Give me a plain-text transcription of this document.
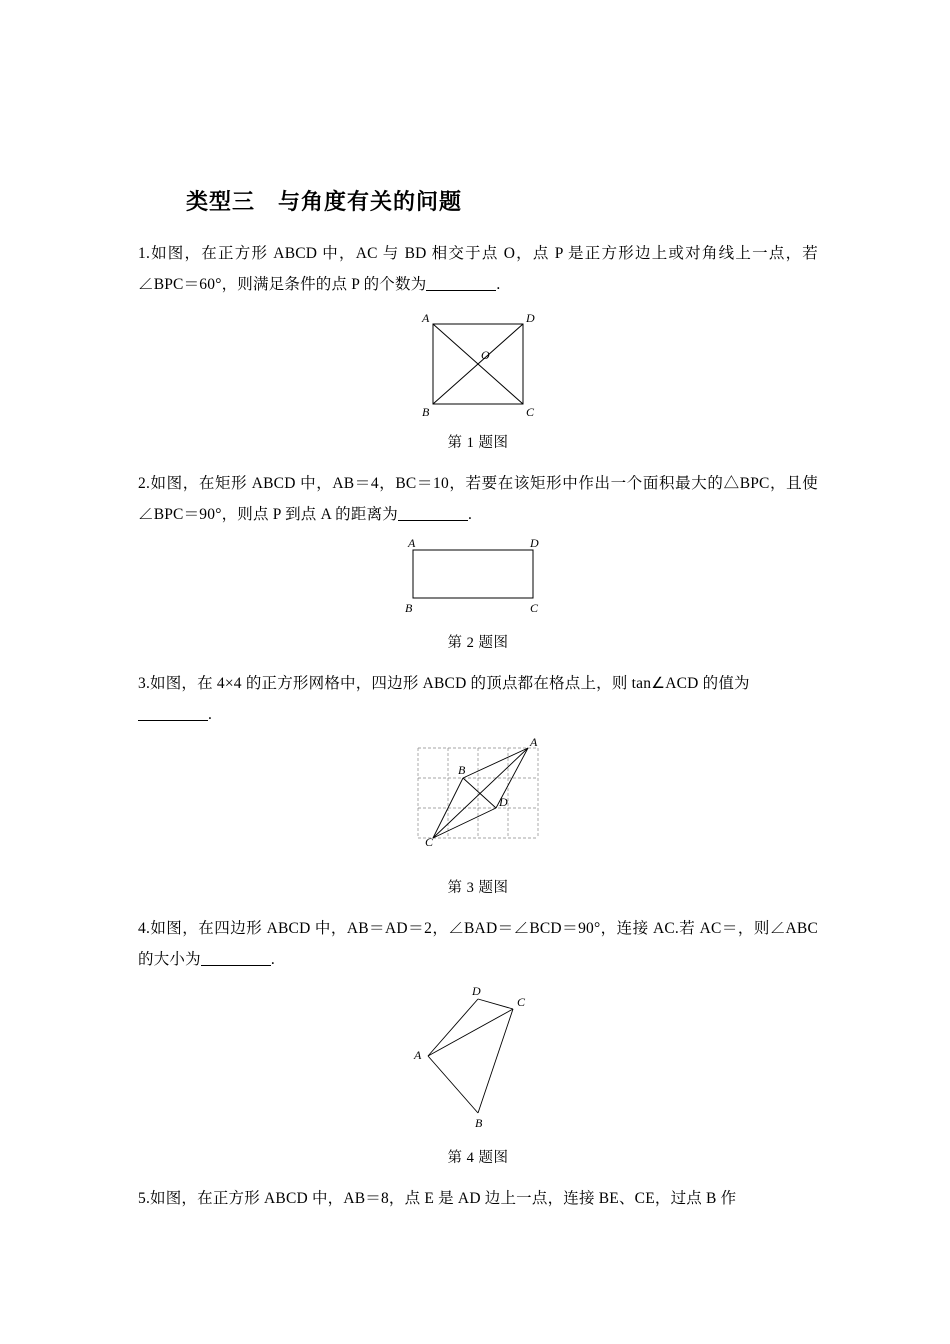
类型三　与角度有关的问题

1.如图，在正方形 ABCD 中，AC 与 BD 相交于点 O，点 P 是正方形边上或对角线上一点，若∠BPC＝60°，则满足条件的点 P 的个数为	.

A	D
O
B	C
第 1 题图

2.如图，在矩形 ABCD 中，AB＝4，BC＝10，若要在该矩形中作出一个面积最大的△BPC，且使∠BPC＝90°，则点 P 到点 A 的距离为	.

A	D
B	C
第 2 题图

3.如图，在 4×4 的正方形网格中，四边形 ABCD 的顶点都在格点上，则 tan∠ACD 的值为
.

A
B
D
C
第 3 题图

4.如图，在四边形 ABCD 中，AB＝AD＝2，∠BAD＝∠BCD＝90°，连接 AC.若 AC＝，则∠ABC 的大小为	.

D
C
A
B
第 4 题图

5.如图，在正方形 ABCD 中，AB＝8，点 E 是 AD 边上一点，连接 BE、CE，过点 B 作
